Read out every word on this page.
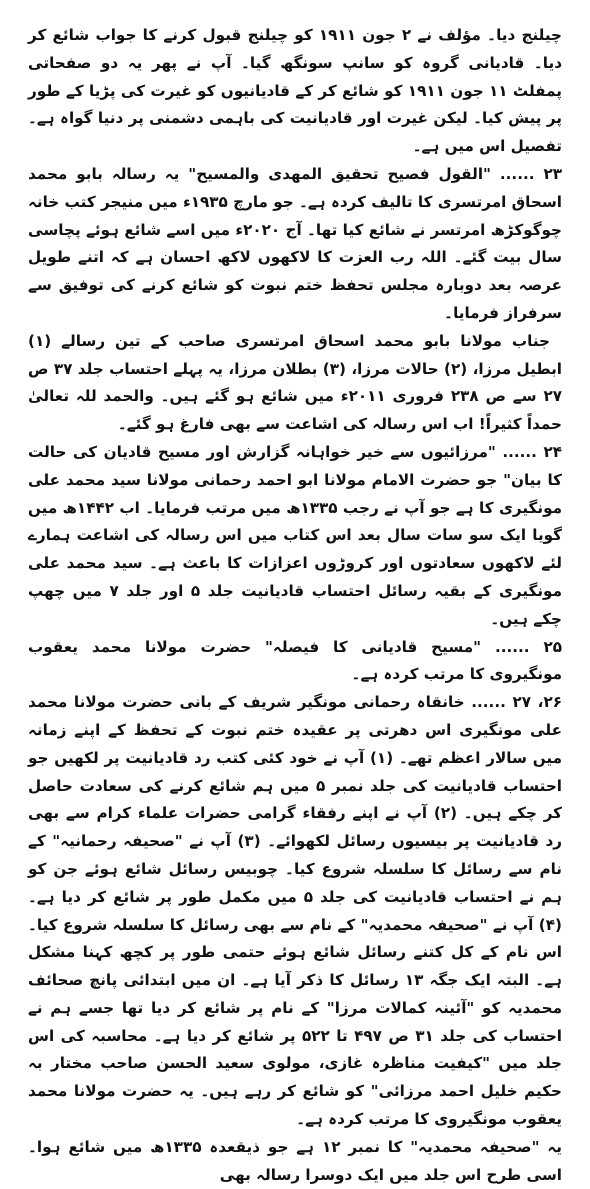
چیلنج دیا۔ مؤلف نے ۲ جون ۱۹۱۱ کو چیلنج قبول کرنے کا جواب شائع کر دیا۔ قادیانی گروہ کو سانپ سونگھ گیا۔ آپ نے پھر یہ دو صفحاتی پمفلٹ ۱۱ جون ۱۹۱۱ کو شائع کر کے قادیانیوں کو غیرت کی پڑیا کے طور پر پیش کیا۔ لیکن غیرت اور قادیانیت کی باہمی دشمنی پر دنیا گواہ ہے۔ تفصیل اس میں ہے۔

۲۳ ...... "القول فصیح تحقیق المهدی والمسیح" یہ رسالہ بابو محمد اسحاق امرتسری کا تالیف کردہ ہے۔ جو مارچ ۱۹۳۵ء میں منیجر کتب خانہ چوگوکڑھ امرتسر نے شائع کیا تھا۔ آج ۲۰۲۰ء میں اسے شائع ہوئے پچاسی سال بیت گئے۔ اللہ رب العزت کا لاکھوں لاکھ احسان ہے کہ اتنے طویل عرصہ بعد دوبارہ مجلس تحفظ ختم نبوت کو شائع کرنے کی توفیق سے سرفراز فرمایا۔

جناب مولانا بابو محمد اسحاق امرتسری صاحب کے تین رسالے (۱) ابطیل مرزا، (۲) حالات مرزا، (۳) بطلان مرزا، یہ پہلے احتساب جلد ۳۷ ص ۲۷ سے ص ۲۳۸ فروری ۲۰۱۱ء میں شائع ہو گئے ہیں۔ والحمد للہ تعالیٰ حمداً کثیراً! اب اس رسالہ کی اشاعت سے بھی فارغ ہو گئے۔

۲۴ ...... "مرزائیوں سے خیر خواہانہ گزارش اور مسیح قادیان کی حالت کا بیان" جو حضرت الامام مولانا ابو احمد رحمانی مولانا سید محمد علی مونگیری کا ہے جو آپ نے رجب ۱۳۳۵ھ میں مرتب فرمایا۔ اب ۱۴۴۲ھ میں گویا ایک سو سات سال بعد اس کتاب میں اس رسالہ کی اشاعت ہمارے لئے لاکھوں سعادتوں اور کروڑوں اعزازات کا باعث ہے۔ سید محمد علی مونگیری کے بقیہ رسائل احتساب قادیانیت جلد ۵ اور جلد ۷ میں چھپ چکے ہیں۔

۲۵ ...... "مسیح قادیانی کا فیصلہ" حضرت مولانا محمد یعقوب مونگیروی کا مرتب کردہ ہے۔

۲۶، ۲۷ ...... خانقاہ رحمانی مونگیر شریف کے بانی حضرت مولانا محمد علی مونگیری اس دھرتی پر عقیدہ ختم نبوت کے تحفظ کے اپنے زمانہ میں سالار اعظم تھے۔ (۱) آپ نے خود کئی کتب رد قادیانیت پر لکھیں جو احتساب قادیانیت کی جلد نمبر ۵ میں ہم شائع کرنے کی سعادت حاصل کر چکے ہیں۔ (۲) آپ نے اپنے رفقاء گرامی حضرات علماء کرام سے بھی رد قادیانیت پر بیسیوں رسائل لکھوائے۔ (۳) آپ نے "صحیفہ رحمانیہ" کے نام سے رسائل کا سلسلہ شروع کیا۔ چوبیس رسائل شائع ہوئے جن کو ہم نے احتساب قادیانیت کی جلد ۵ میں مکمل طور پر شائع کر دیا ہے۔ (۴) آپ نے "صحیفہ محمدیہ" کے نام سے بھی رسائل کا سلسلہ شروع کیا۔ اس نام کے کل کتنے رسائل شائع ہوئے حتمی طور پر کچھ کہنا مشکل ہے۔ البتہ ایک جگہ ۱۳ رسائل کا ذکر آیا ہے۔ ان میں ابتدائی پانچ صحائف محمدیہ کو "آئینہ کمالات مرزا" کے نام پر شائع کر دیا تھا جسے ہم نے احتساب کی جلد ۳۱ ص ۴۹۷ تا ۵۲۲ پر شائع کر دیا ہے۔ محاسبہ کی اس جلد میں "کیفیت مناظرہ غازی، مولوی سعید الحسن صاحب مختار بہ حکیم خلیل احمد مرزائی" کو شائع کر رہے ہیں۔ یہ حضرت مولانا محمد یعقوب مونگیروی کا مرتب کردہ ہے۔

یہ "صحیفہ محمدیہ" کا نمبر ۱۲ ہے جو ذیقعدہ ۱۳۳۵ھ میں شائع ہوا۔ اسی طرح اس جلد میں ایک دوسرا رسالہ بھی
